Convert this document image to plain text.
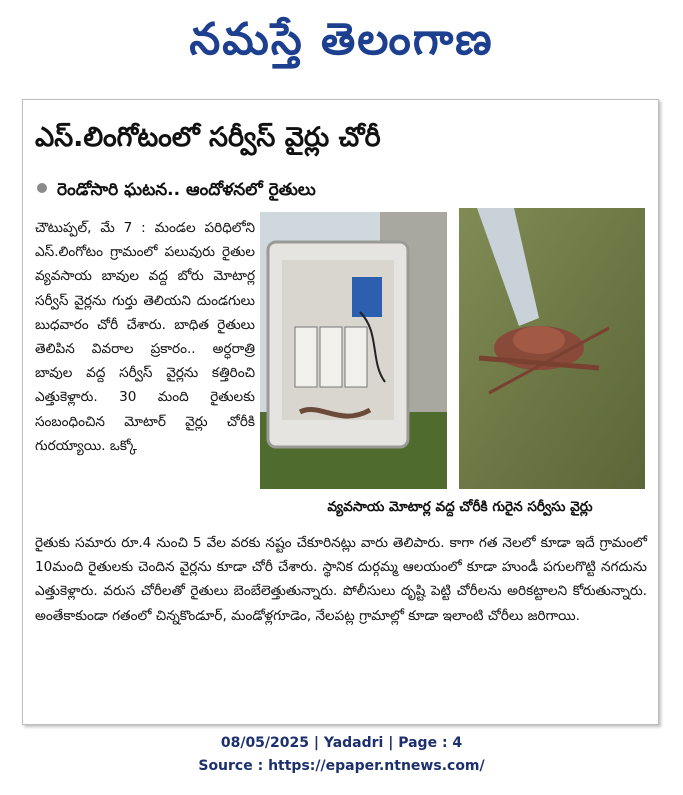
నమస్తే తెలంగాణ
ఎస్.లింగోటంలో సర్వీస్ వైర్లు చోరీ
రెండోసారి ఘటన.. ఆందోళనలో రైతులు
చౌటుప్పల్, మే 7 : మండల పరిధిలోని ఎస్.లింగోటం గ్రామంలో పలువురు రైతుల వ్యవసాయ బావుల వద్ద బోరు మోటార్ల సర్వీస్ వైర్లను గుర్తు తెలియని దుండగులు బుధవారం చోరీ చేశారు. బాధిత రైతులు తెలిపిన వివరాల ప్రకారం.. అర్ధరాత్రి బావుల వద్ద సర్వీస్ వైర్లను కత్తిరించి ఎత్తుకెళ్లారు. 30 మంది రైతులకు సంబంధించిన మోటార్ వైర్లు చోరీకి గురయ్యాయి. ఒక్కో
వ్యవసాయ మోటార్ల వద్ద చోరీకి గురైన సర్వీసు వైర్లు
రైతుకు సమారు రూ.4 నుంచి 5 వేల వరకు నష్టం చేకూరినట్లు వారు తెలిపారు. కాగా గత నెలలో కూడా ఇదే గ్రామంలో 10మంది రైతులకు చెందిన వైర్లను కూడా చోరీ చేశారు. స్థానిక దుర్గమ్మ ఆలయంలో కూడా హుండీ పగులగొట్టి నగదును ఎత్తుకెళ్లారు. వరుస చోరీలతో రైతులు బెంబేలెత్తుతున్నారు. పోలీసులు దృష్టి పెట్టి చోరీలను అరికట్టాలని కోరుతున్నారు. అంతేకాకుండా గతంలో చిన్నకొండూర్, మండోళ్లగూడెం, నేలపట్ల గ్రామాల్లో కూడా ఇలాంటి చోరీలు జరిగాయి.
08/05/2025 | Yadadri | Page : 4
Source : https://epaper.ntnews.com/
